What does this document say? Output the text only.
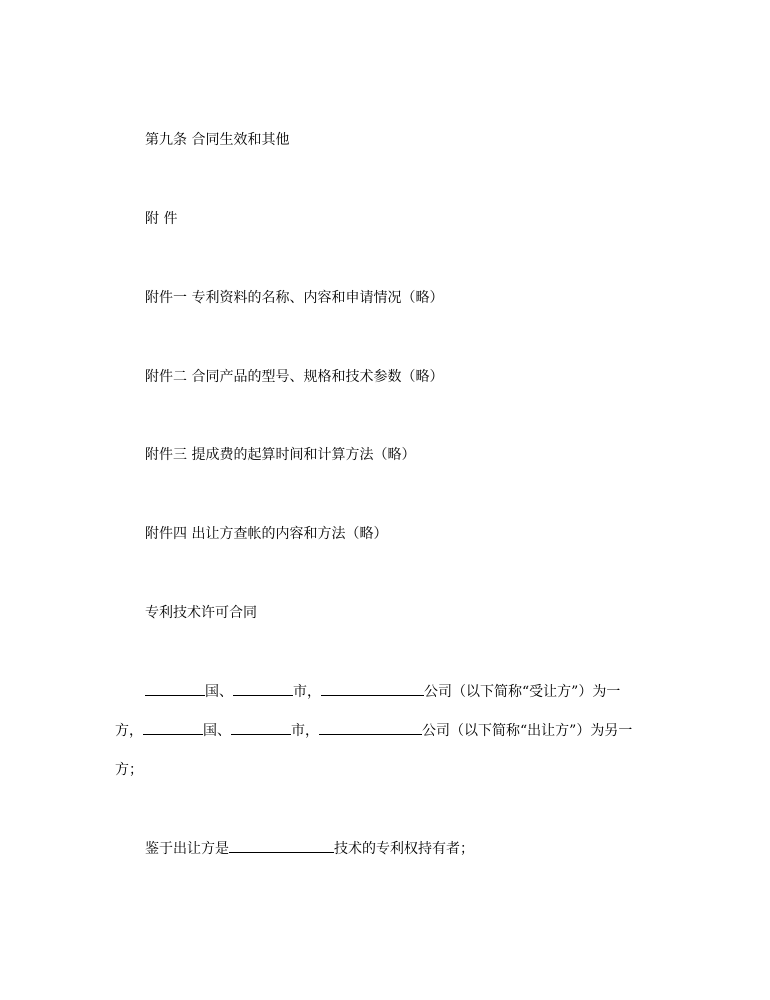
第九条 合同生效和其他
附 件
附件一 专利资料的名称、内容和申请情况（略）
附件二 合同产品的型号、规格和技术参数（略）
附件三 提成费的起算时间和计算方法（略）
附件四 出让方查帐的内容和方法（略）
专利技术许可合同
国、	市，	公司（以下简称“受让方”）为一
方，	国、	市，	公司（以下简称“出让方”）为另一
方；
鉴于出让方是	技术的专利权持有者；
